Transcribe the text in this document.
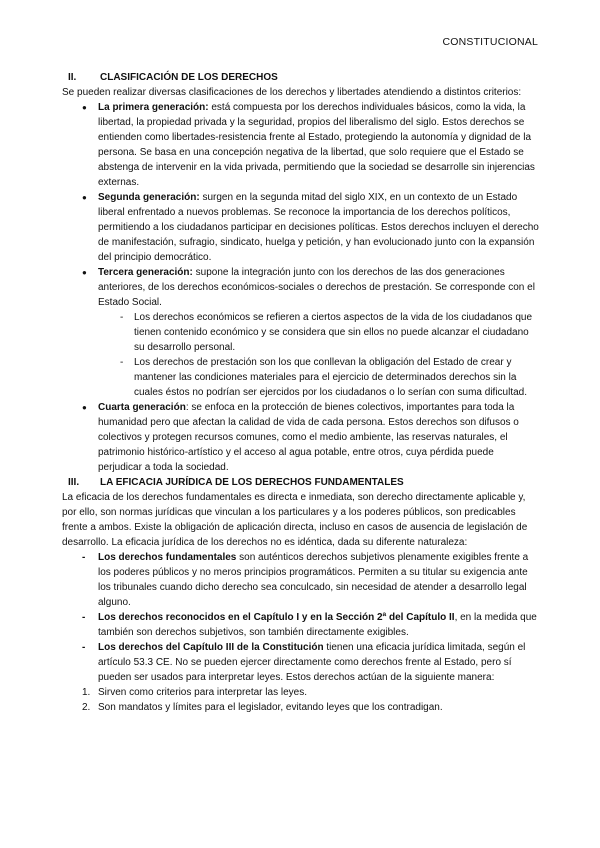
CONSTITUCIONAL
II.	CLASIFICACIÓN DE LOS DERECHOS

Se pueden realizar diversas clasificaciones de los derechos y libertades atendiendo a distintos criterios:

● La primera generación: está compuesta por los derechos individuales básicos, como la vida, la libertad, la propiedad privada y la seguridad, propios del liberalismo del siglo. Estos derechos se entienden como libertades-resistencia frente al Estado, protegiendo la autonomía y dignidad de la persona. Se basa en una concepción negativa de la libertad, que solo requiere que el Estado se abstenga de intervenir en la vida privada, permitiendo que la sociedad se desarrolle sin injerencias externas.
● Segunda generación: surgen en la segunda mitad del siglo XIX, en un contexto de un Estado liberal enfrentado a nuevos problemas. Se reconoce la importancia de los derechos políticos, permitiendo a los ciudadanos participar en decisiones políticas. Estos derechos incluyen el derecho de manifestación, sufragio, sindicato, huelga y petición, y han evolucionado junto con la expansión del principio democrático.
● Tercera generación: supone la integración junto con los derechos de las dos generaciones anteriores, de los derechos económicos-sociales o derechos de prestación. Se corresponde con el Estado Social.
- Los derechos económicos se refieren a ciertos aspectos de la vida de los ciudadanos que tienen contenido económico y se considera que sin ellos no puede alcanzar el ciudadano su desarrollo personal.
- Los derechos de prestación son los que conllevan la obligación del Estado de crear y mantener las condiciones materiales para el ejercicio de determinados derechos sin la cuales éstos no podrían ser ejercidos por los ciudadanos o lo serían con suma dificultad.
● Cuarta generación: se enfoca en la protección de bienes colectivos, importantes para toda la humanidad pero que afectan la calidad de vida de cada persona. Estos derechos son difusos o colectivos y protegen recursos comunes, como el medio ambiente, las reservas naturales, el patrimonio histórico-artístico y el acceso al agua potable, entre otros, cuya pérdida puede perjudicar a toda la sociedad.
III.	LA EFICACIA JURÍDICA DE LOS DERECHOS FUNDAMENTALES

La eficacia de los derechos fundamentales es directa e inmediata, son derecho directamente aplicable y, por ello, son normas jurídicas que vinculan a los particulares y a los poderes públicos, son predicables frente a ambos. Existe la obligación de aplicación directa, incluso en casos de ausencia de legislación de desarrollo. La eficacia jurídica de los derechos no es idéntica, dada su diferente naturaleza:

- Los derechos fundamentales son auténticos derechos subjetivos plenamente exigibles frente a los poderes públicos y no meros principios programáticos. Permiten a su titular su exigencia ante los tribunales cuando dicho derecho sea conculcado, sin necesidad de atender a desarrollo legal alguno.
- Los derechos reconocidos en el Capítulo I y en la Sección 2ª del Capítulo II, en la medida que también son derechos subjetivos, son también directamente exigibles.
- Los derechos del Capítulo III de la Constitución tienen una eficacia jurídica limitada, según el artículo 53.3 CE. No se pueden ejercer directamente como derechos frente al Estado, pero sí pueden ser usados para interpretar leyes. Estos derechos actúan de la siguiente manera:
1. Sirven como criterios para interpretar las leyes.
2. Son mandatos y límites para el legislador, evitando leyes que los contradigan.
